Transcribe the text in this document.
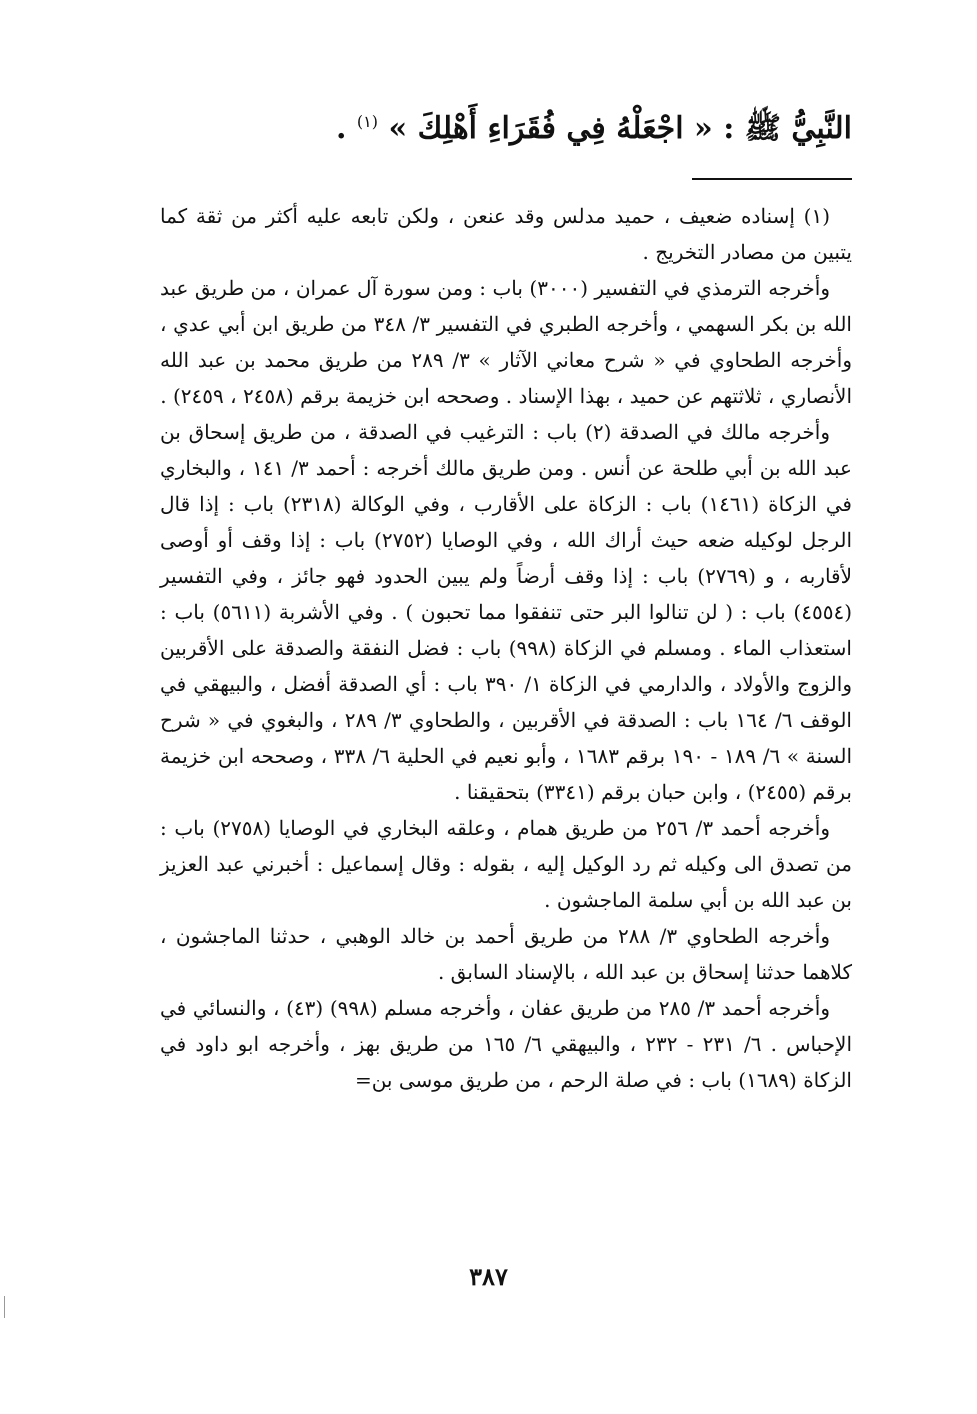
النَّبِيُّ ﷺ : « اجْعَلْهُ فِي فُقَرَاءِ أَهْلِكَ » $^{(١)}$ .

(١) إسناده ضعيف ، حميد مدلس وقد عنعن ، ولكن تابعه عليه أكثر من ثقة كما يتبين من مصادر التخريج .

وأخرجه الترمذي في التفسير (٣٠٠٠) باب : ومن سورة آل عمران ، من طريق عبد الله بن بكر السهمي ، وأخرجه الطبري في التفسير ٣/ ٣٤٨ من طريق ابن أبي عدي ، وأخرجه الطحاوي في « شرح معاني الآثار » ٣/ ٢٨٩ من طريق محمد بن عبد الله الأنصاري ، ثلاثتهم عن حميد ، بهذا الإسناد . وصححه ابن خزيمة برقم (٢٤٥٨ ، ٢٤٥٩) .

وأخرجه مالك في الصدقة (٢) باب : الترغيب في الصدقة ، من طريق إسحاق بن عبد الله بن أبي طلحة عن أنس . ومن طريق مالك أخرجه : أحمد ٣/ ١٤١ ، والبخاري في الزكاة (١٤٦١) باب : الزكاة على الأقارب ، وفي الوكالة (٢٣١٨) باب : إذا قال الرجل لوكيله ضعه حيث أراك الله ، وفي الوصايا (٢٧٥٢) باب : إذا وقف أو أوصى لأقاربه ، و (٢٧٦٩) باب : إذا وقف أرضاً ولم يبين الحدود فهو جائز ، وفي التفسير (٤٥٥٤) باب : ( لن تنالوا البر حتى تنفقوا مما تحبون ) . وفي الأشربة (٥٦١١) باب : استعذاب الماء . ومسلم في الزكاة (٩٩٨) باب : فضل النفقة والصدقة على الأقربين والزوج والأولاد ، والدارمي في الزكاة ١/ ٣٩٠ باب : أي الصدقة أفضل ، والبيهقي في الوقف ٦/ ١٦٤ باب : الصدقة في الأقربين ، والطحاوي ٣/ ٢٨٩ ، والبغوي في « شرح السنة » ٦/ ١٨٩ - ١٩٠ برقم ١٦٨٣ ، وأبو نعيم في الحلية ٦/ ٣٣٨ ، وصححه ابن خزيمة برقم (٢٤٥٥) ، وابن حبان برقم (٣٣٤١) بتحقيقنا .

وأخرجه أحمد ٣/ ٢٥٦ من طريق همام ، وعلقه البخاري في الوصايا (٢٧٥٨) باب : من تصدق الى وكيله ثم رد الوكيل إليه ، بقوله : وقال إسماعيل : أخبرني عبد العزيز بن عبد الله بن أبي سلمة الماجشون .

وأخرجه الطحاوي ٣/ ٢٨٨ من طريق أحمد بن خالد الوهبي ، حدثنا الماجشون ، كلاهما حدثنا إسحاق بن عبد الله ، بالإسناد السابق .

وأخرجه أحمد ٣/ ٢٨٥ من طريق عفان ، وأخرجه مسلم (٩٩٨) (٤٣) ، والنسائي في الإحباس . ٦/ ٢٣١ - ٢٣٢ ، والبيهقي ٦/ ١٦٥ من طريق بهز ، وأخرجه ابو داود في الزكاة (١٦٨٩) باب : في صلة الرحم ، من طريق موسى بن=

٣٨٧
